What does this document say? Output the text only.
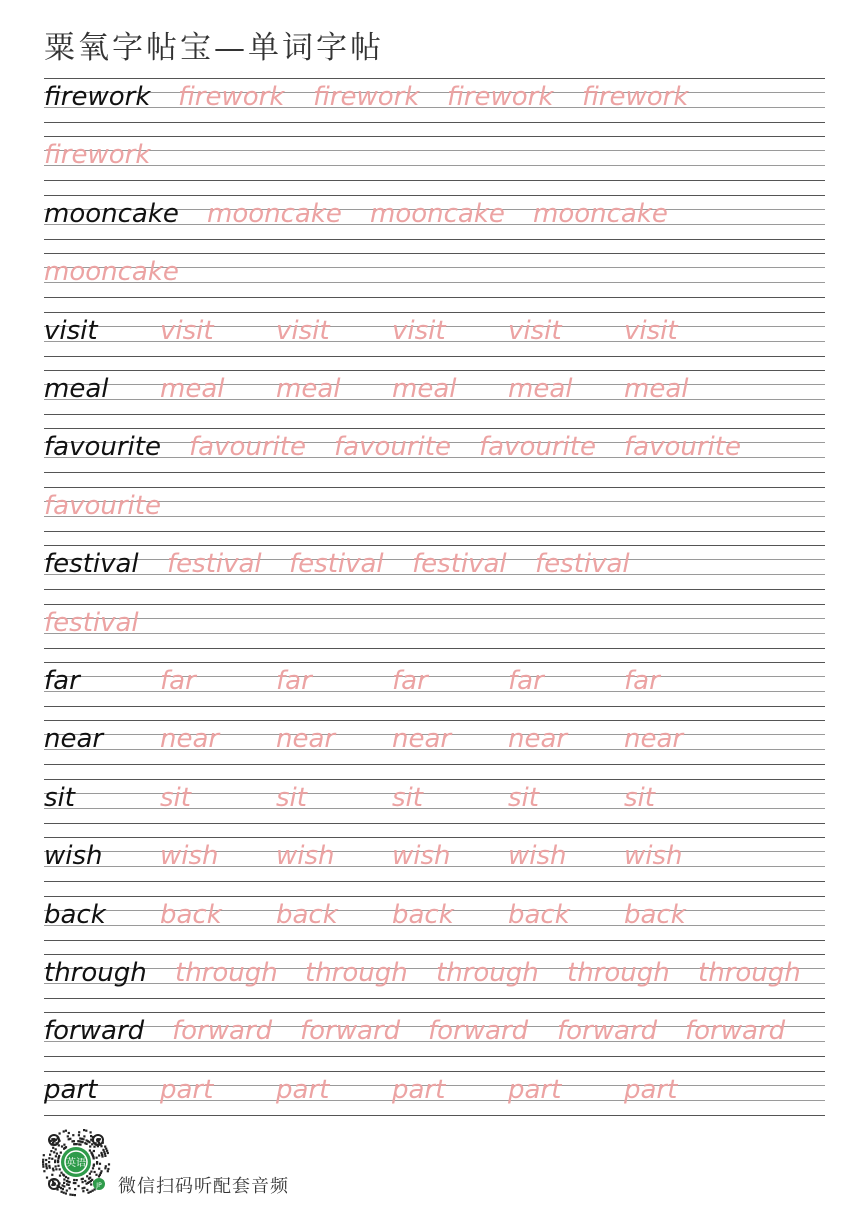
粟氧字帖宝—单词字帖
firework firework firework firework firework
firework
mooncake mooncake mooncake mooncake
mooncake
visit visit visit visit visit visit
meal meal meal meal meal meal
favourite favourite favourite favourite favourite
favourite
festival festival festival festival festival
festival
far	far	far	far	far	far
near near near near near near
sit	sit	sit	sit	sit	sit
wish wish wish wish wish wish
back back back back back back
through through through through through through
forward forward forward forward forward forward
part part part part part part
英语
JP 微信扫码听配套音频
